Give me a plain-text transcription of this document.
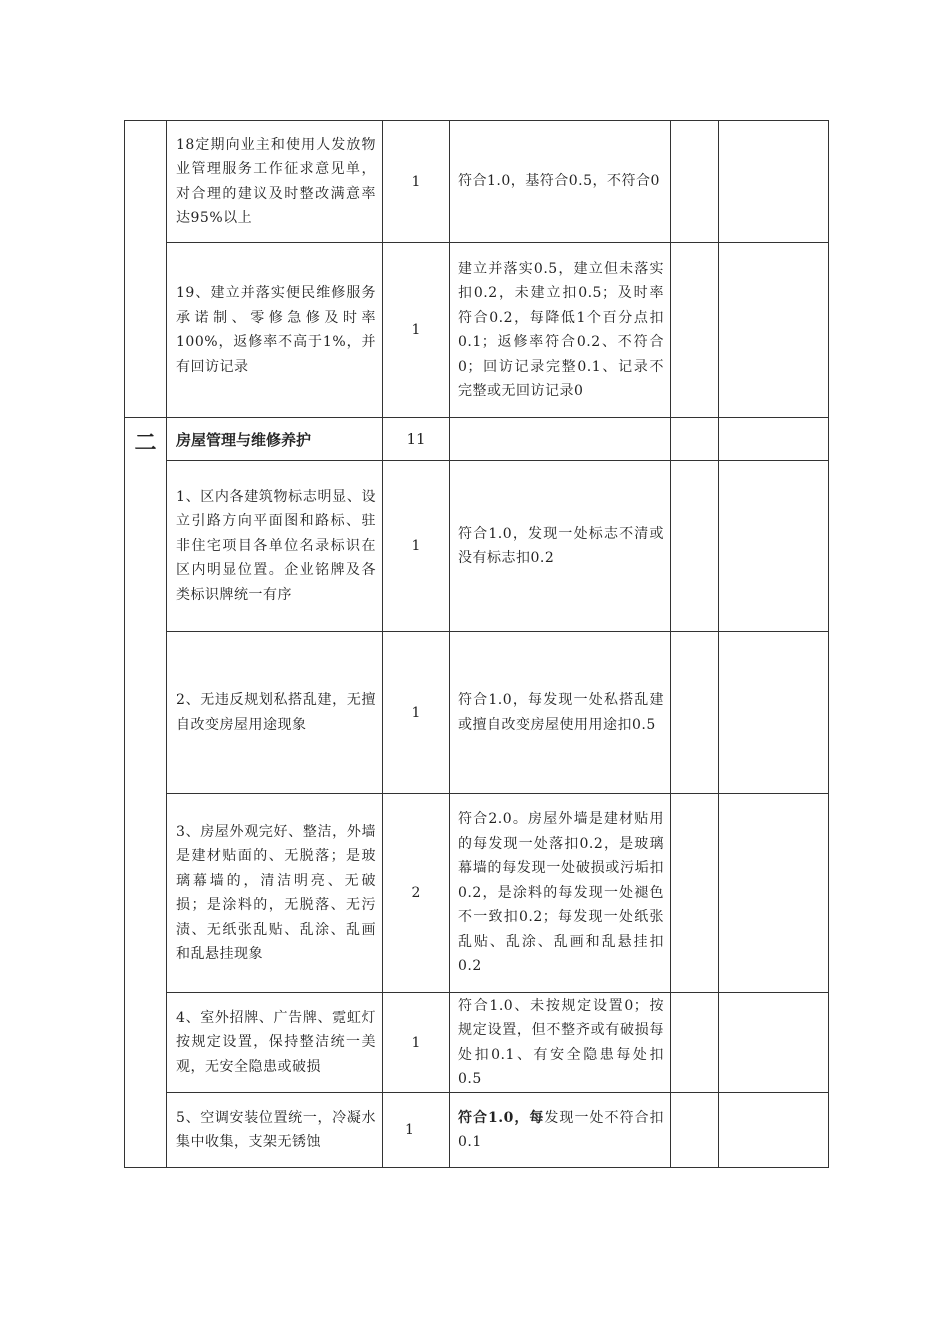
	18定期向业主和使用人发放物业管理服务工作征求意见单，对合理的建议及时整改满意率达95%以上	1	符合1.0，基符合0.5，不符合0		
	19、建立并落实便民维修服务承诺制、零修急修及时率100%，返修率不高于1%，并有回访记录	1	建立并落实0.5，建立但未落实扣0.2，未建立扣0.5；及时率符合0.2，每降低1个百分点扣0.1；返修率符合0.2、不符合0；回访记录完整0.1、记录不完整或无回访记录0		
二	房屋管理与维修养护	11			
	1、区内各建筑物标志明显、设立引路方向平面图和路标、驻非住宅项目各单位名录标识在区内明显位置。企业铭牌及各类标识牌统一有序	1	符合1.0，发现一处标志不清或没有标志扣0.2		
	2、无违反规划私搭乱建，无擅自改变房屋用途现象	1	符合1.0，每发现一处私搭乱建或擅自改变房屋使用用途扣0.5		
	3、房屋外观完好、整洁，外墙是建材贴面的、无脱落；是玻璃幕墙的，清洁明亮、无破损；是涂料的，无脱落、无污渍、无纸张乱贴、乱涂、乱画和乱悬挂现象	2	符合2.0。房屋外墙是建材贴用的每发现一处落扣0.2，是玻璃幕墙的每发现一处破损或污垢扣0.2，是涂料的每发现一处褪色不一致扣0.2；每发现一处纸张乱贴、乱涂、乱画和乱悬挂扣0.2		
	4、室外招牌、广告牌、霓虹灯按规定设置，保持整洁统一美观，无安全隐患或破损	1	符合1.0、未按规定设置0；按规定设置，但不整齐或有破损每处扣0.1、有安全隐患每处扣0.5		
	5、空调安装位置统一，冷凝水集中收集，支架无锈蚀	1	符合1.0，每发现一处不符合扣0.1		
